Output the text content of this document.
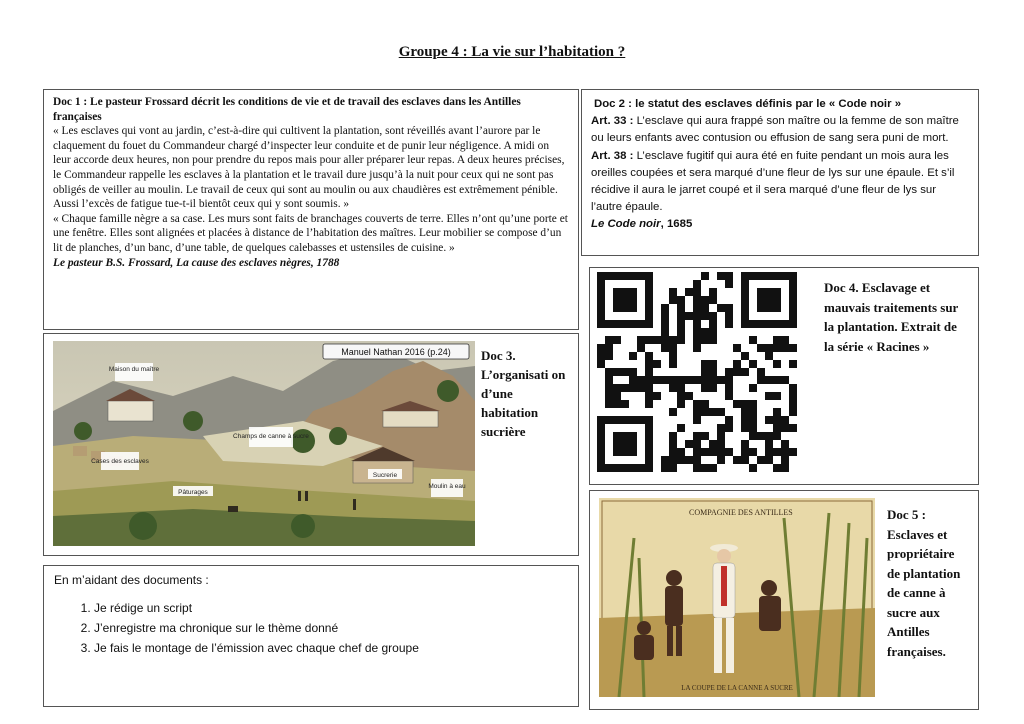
Groupe 4 : La vie sur l’habitation ?
Doc 1 : Le pasteur Frossard décrit les conditions de vie et de travail des esclaves dans les Antilles françaises
« Les esclaves qui vont au jardin, c’est-à-dire qui cultivent la plantation, sont réveillés avant l’aurore par le claquement du fouet du Commandeur chargé d’inspecter leur conduite et de punir leur négligence. A midi on leur accorde deux heures, non pour prendre du repos mais pour aller préparer leur repas. A deux heures précises, le Commandeur rappelle les esclaves à la plantation et le travail dure jusqu’à la nuit pour ceux qui ne sont pas obligés de veiller au moulin. Le travail de ceux qui sont au moulin ou aux chaudières est extrêmement pénible. Aussi l’excès de fatigue tue-t-il bientôt ceux qui y sont soumis. »
« Chaque famille nègre a sa case. Les murs sont faits de branchages couverts de terre. Elles n’ont qu’une porte et une fenêtre. Elles sont alignées et placées à distance de l’habitation des maîtres. Leur mobilier se compose d’un lit de planches, d’un banc, d’une table, de quelques calebasses et ustensiles de cuisine. »
Le pasteur B.S. Frossard, La cause des esclaves nègres, 1788
Doc 2 : le statut des esclaves définis par le « Code noir »
Art. 33 : L’esclave qui aura frappé son maître ou la femme de son maître ou leurs enfants avec contusion ou effusion de sang sera puni de mort.
Art. 38 : L’esclave fugitif qui aura été en fuite pendant un mois aura les oreilles coupées et sera marqué d’une fleur de lys sur une épaule. Et s’il récidive il aura le jarret coupé et il sera marqué d’une fleur de lys sur l’autre épaule.
Le Code noir, 1685
Maison du maître
Champs de canne à sucre
Cases des esclaves
Sucrerie
Moulin à eau
Pâturages
Manuel Nathan 2016 (p.24) Doc 3. L’organisati on d’une habitation sucrière
Doc 4. Esclavage et mauvais traitements sur la plantation. Extrait de la série « Racines »
COMPAGNIE DES ANTILLES
LA COUPE DE LA CANNE A SUCRE
Doc 5 : Esclaves et propriétaire de plantation de canne à sucre aux Antilles françaises.
En m’aidant des documents :
1. Je rédige un script
2. J’enregistre ma chronique sur le thème donné
3. Je fais le montage de l’émission avec chaque chef de groupe
